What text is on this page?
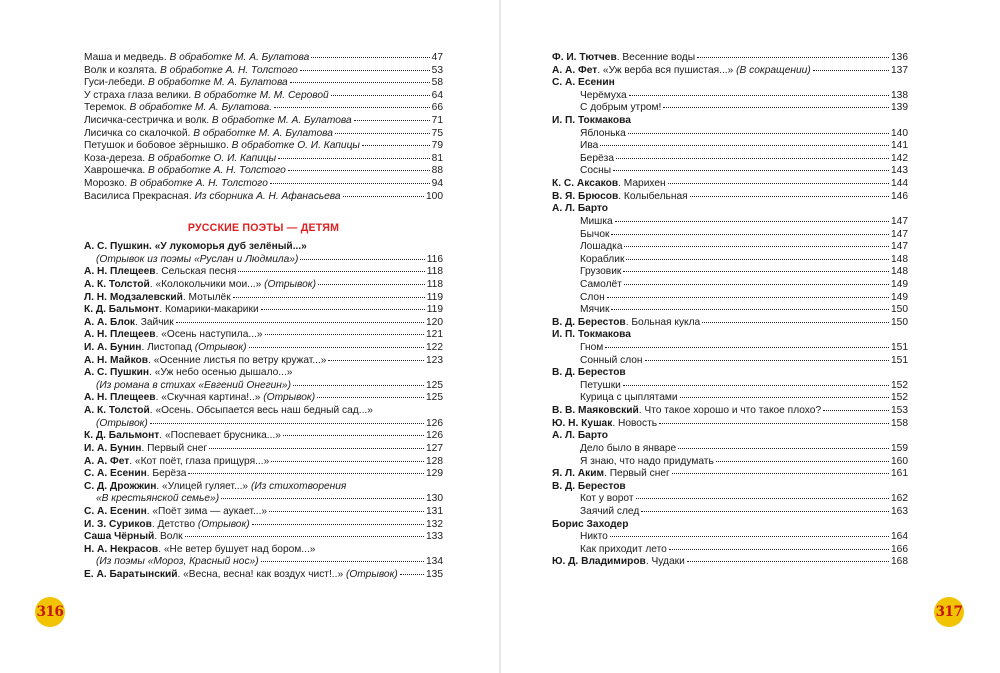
Маша и медведь. В обработке М. А. Булатова	47
Волк и козлята. В обработке А. Н. Толстого	53
Гуси-лебеди. В обработке М. А. Булатова	58
У страха глаза велики. В обработке М. М. Серовой	64
Теремок. В обработке М. А. Булатова.	66
Лисичка-сестричка и волк. В обработке М. А. Булатова	71
Лисичка со скалочкой. В обработке М. А. Булатова	75
Петушок и бобовое зёрнышко. В обработке О. И. Капицы	79
Коза-дереза. В обработке О. И. Капицы	81
Хаврошечка. В обработке А. Н. Толстого	88
Морозко. В обработке А. Н. Толстого	94
Василиса Прекрасная. Из сборника А. Н. Афанасьева	100
РУССКИЕ ПОЭТЫ — ДЕТЯМ
А. С. Пушкин. «У лукоморья дуб зелёный...»
(Отрывок из поэмы «Руслан и Людмила»)	116
А. Н. Плещеев. Сельская песня	118
А. К. Толстой. «Колокольчики мои...» (Отрывок)	118
Л. Н. Модзалевский. Мотылёк	119
К. Д. Бальмонт. Комарики-макарики	119
А. А. Блок. Зайчик	120
А. Н. Плещеев. «Осень наступила...»	121
И. А. Бунин. Листопад (Отрывок)	122
А. Н. Майков. «Осенние листья по ветру кружат...»	123
А. С. Пушкин. «Уж небо осенью дышало...»
(Из романа в стихах «Евгений Онегин»)	125
А. Н. Плещеев. «Скучная картина!..» (Отрывок)	125
А. К. Толстой. «Осень. Обсыпается весь наш бедный сад...»
(Отрывок)	126
К. Д. Бальмонт. «Поспевает брусника...»	126
И. А. Бунин. Первый снег	127
А. А. Фет. «Кот поёт, глаза прищуря...»	128
С. А. Есенин. Берёза	129
С. Д. Дрожжин. «Улицей гуляет...» (Из стихотворения
«В крестьянской семье»)	130
С. А. Есенин. «Поёт зима — аукает...»	131
И. З. Суриков. Детство (Отрывок)	132
Саша Чёрный. Волк	133
Н. А. Некрасов. «Не ветер бушует над бором...»
(Из поэмы «Мороз, Красный нос»)	134
Е. А. Баратынский. «Весна, весна! как воздух чист!..» (Отрывок)	135
Ф. И. Тютчев. Весенние воды	136
А. А. Фет. «Уж верба вся пушистая...» (В сокращении)	137
С. А. Есенин
Черёмуха	138
С добрым утром!	139
И. П. Токмакова
Яблонька	140
Ива	141
Берёза	142
Сосны	143
К. С. Аксаков. Марихен	144
В. Я. Брюсов. Колыбельная	146
А. Л. Барто
Мишка	147
Бычок	147
Лошадка	147
Кораблик	148
Грузовик	148
Самолёт	149
Слон	149
Мячик	150
В. Д. Берестов. Больная кукла	150
И. П. Токмакова
Гном	151
Сонный слон	151
В. Д. Берестов
Петушки	152
Курица с цыплятами	152
В. В. Маяковский. Что такое хорошо и что такое плохо?	153
Ю. Н. Кушак. Новость	158
А. Л. Барто
Дело было в январе	159
Я знаю, что надо придумать	160
Я. Л. Аким. Первый снег	161
В. Д. Берестов
Кот у ворот	162
Заячий след	163
Борис Заходер
Никто	164
Как приходит лето	166
Ю. Д. Владимиров. Чудаки	168
316	317
